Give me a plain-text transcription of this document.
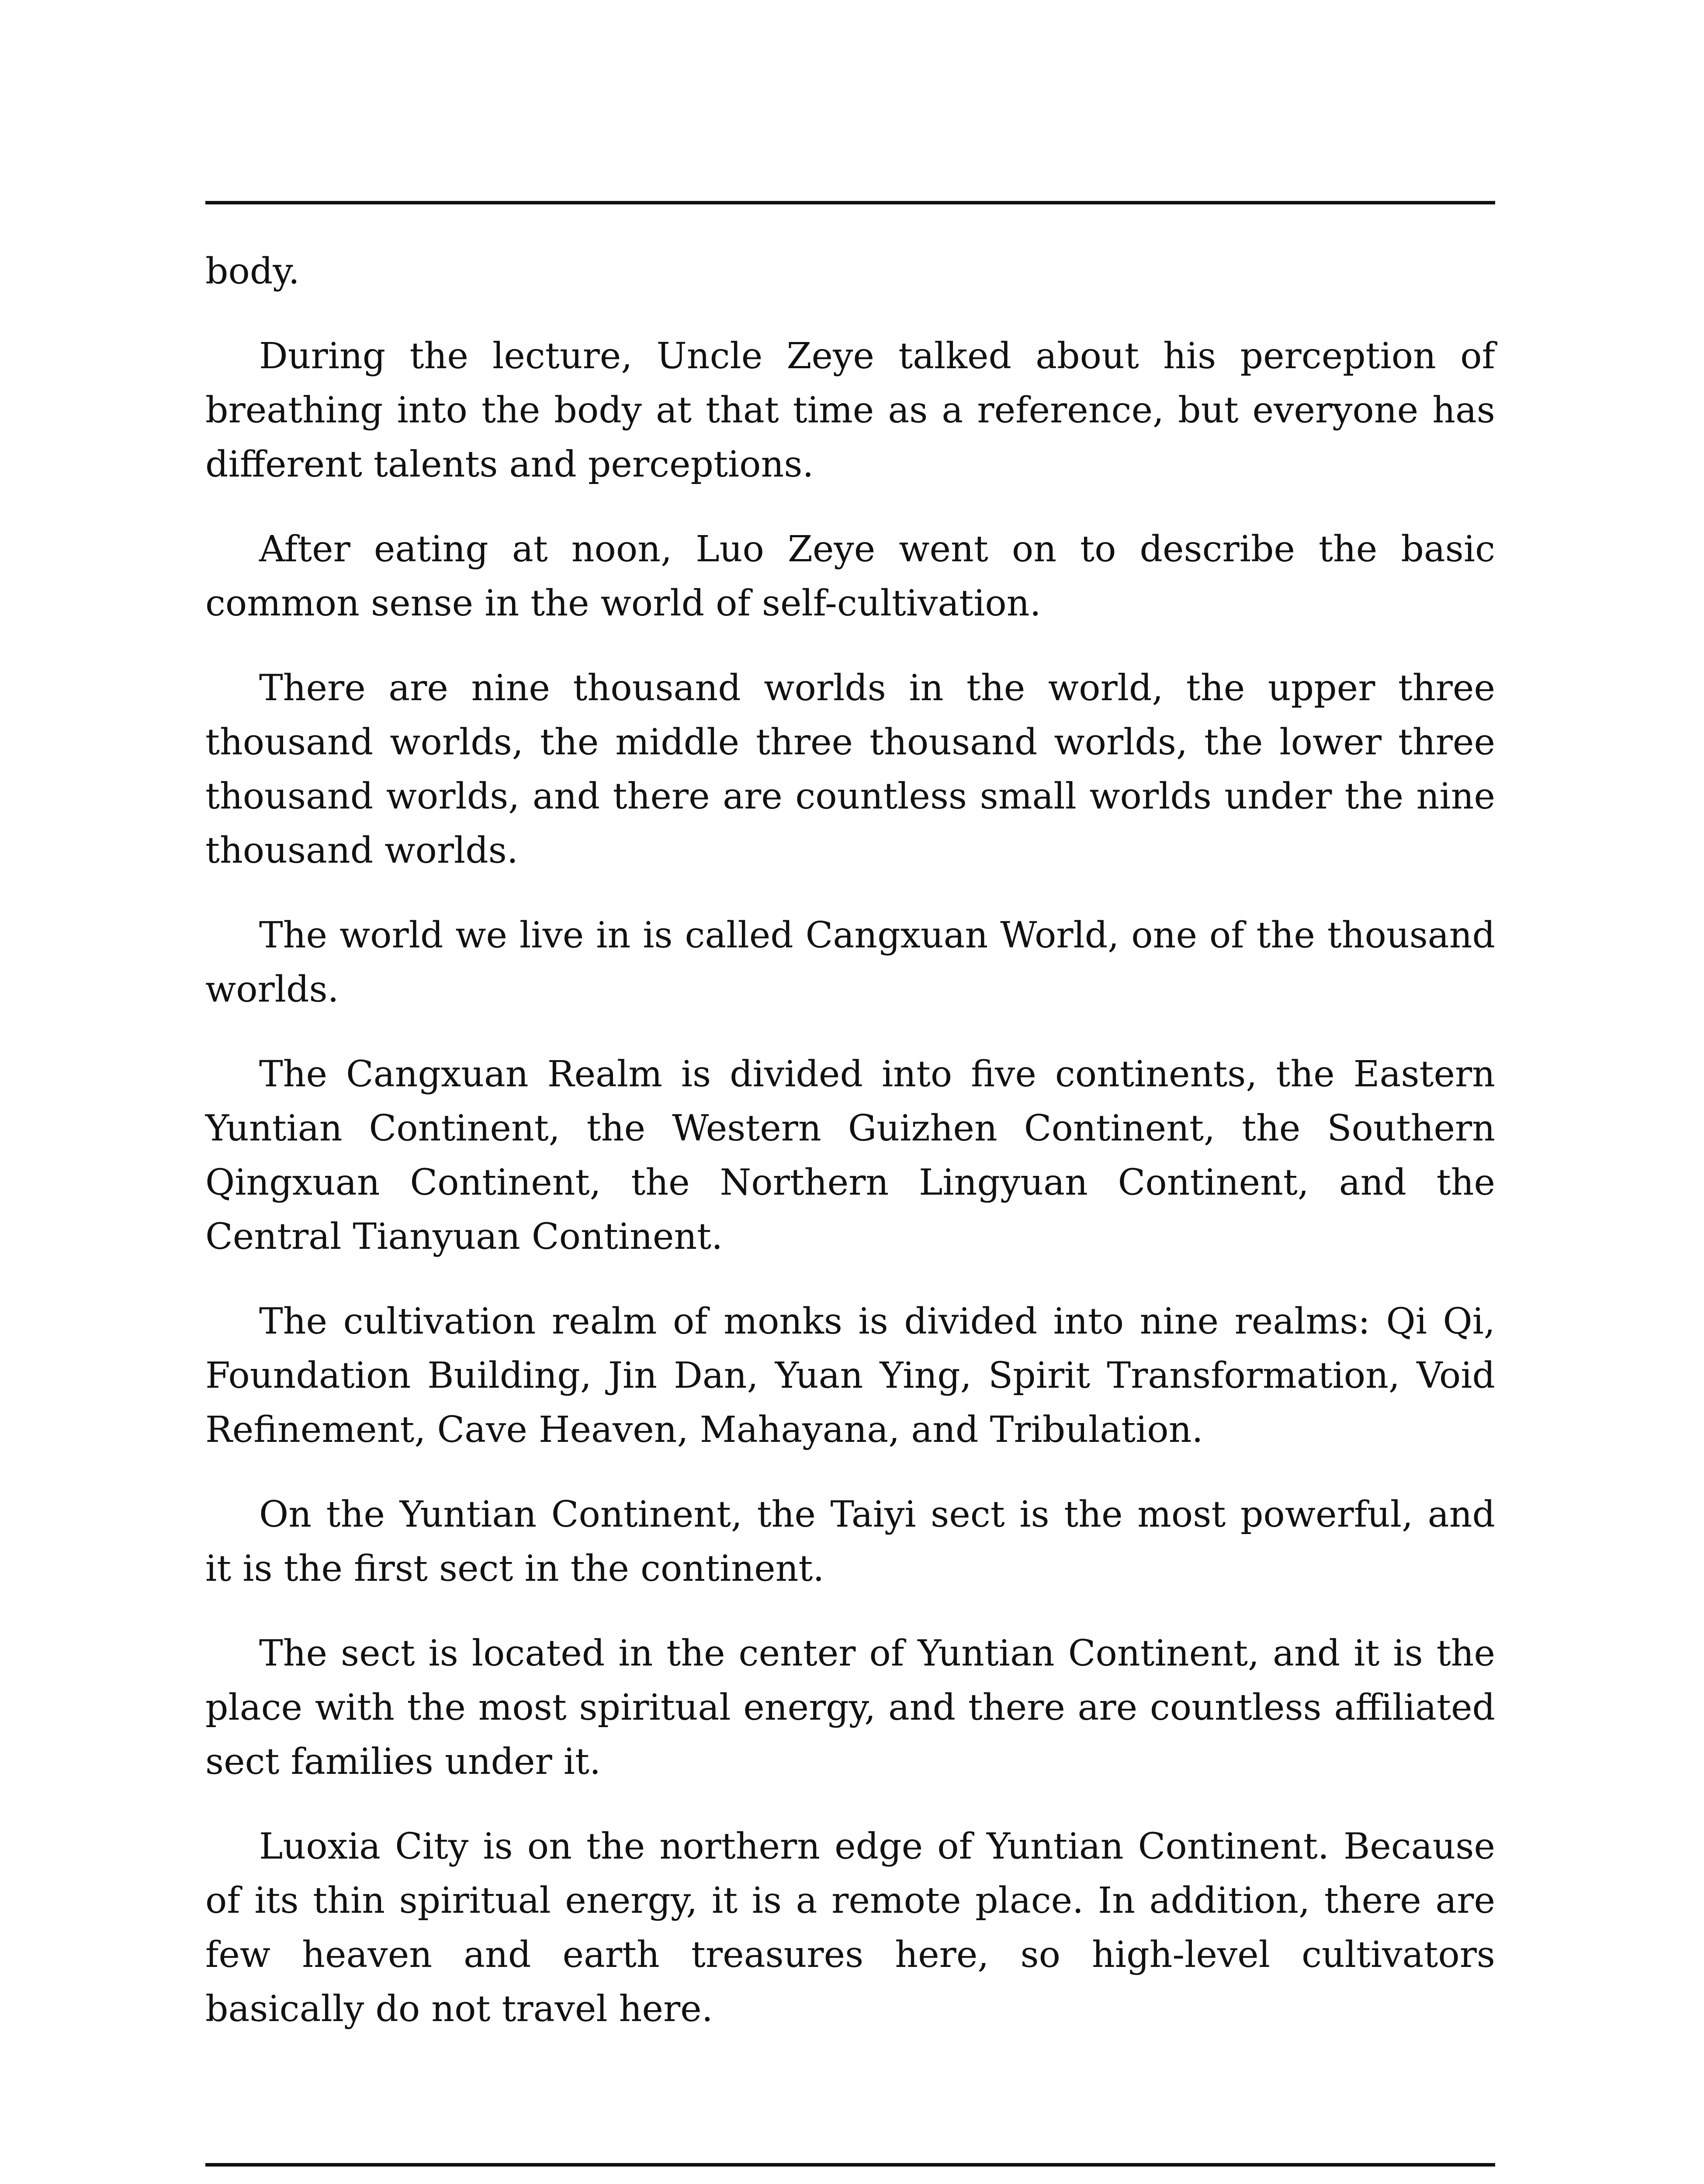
body.

During the lecture, Uncle Zeye talked about his perception of breathing into the body at that time as a reference, but everyone has different talents and perceptions.

After eating at noon, Luo Zeye went on to describe the basic common sense in the world of self-cultivation.

There are nine thousand worlds in the world, the upper three thousand worlds, the middle three thousand worlds, the lower three thousand worlds, and there are countless small worlds under the nine thousand worlds.

The world we live in is called Cangxuan World, one of the thousand worlds.

The Cangxuan Realm is divided into five continents, the Eastern Yuntian Continent, the Western Guizhen Continent, the Southern Qingxuan Continent, the Northern Lingyuan Continent, and the Central Tianyuan Continent.

The cultivation realm of monks is divided into nine realms: Qi Qi, Foundation Building, Jin Dan, Yuan Ying, Spirit Transformation, Void Refinement, Cave Heaven, Mahayana, and Tribulation.

On the Yuntian Continent, the Taiyi sect is the most powerful, and it is the first sect in the continent.

The sect is located in the center of Yuntian Continent, and it is the place with the most spiritual energy, and there are countless affiliated sect families under it.

Luoxia City is on the northern edge of Yuntian Continent. Because of its thin spiritual energy, it is a remote place. In addition, there are few heaven and earth treasures here, so high-level cultivators basically do not travel here.
